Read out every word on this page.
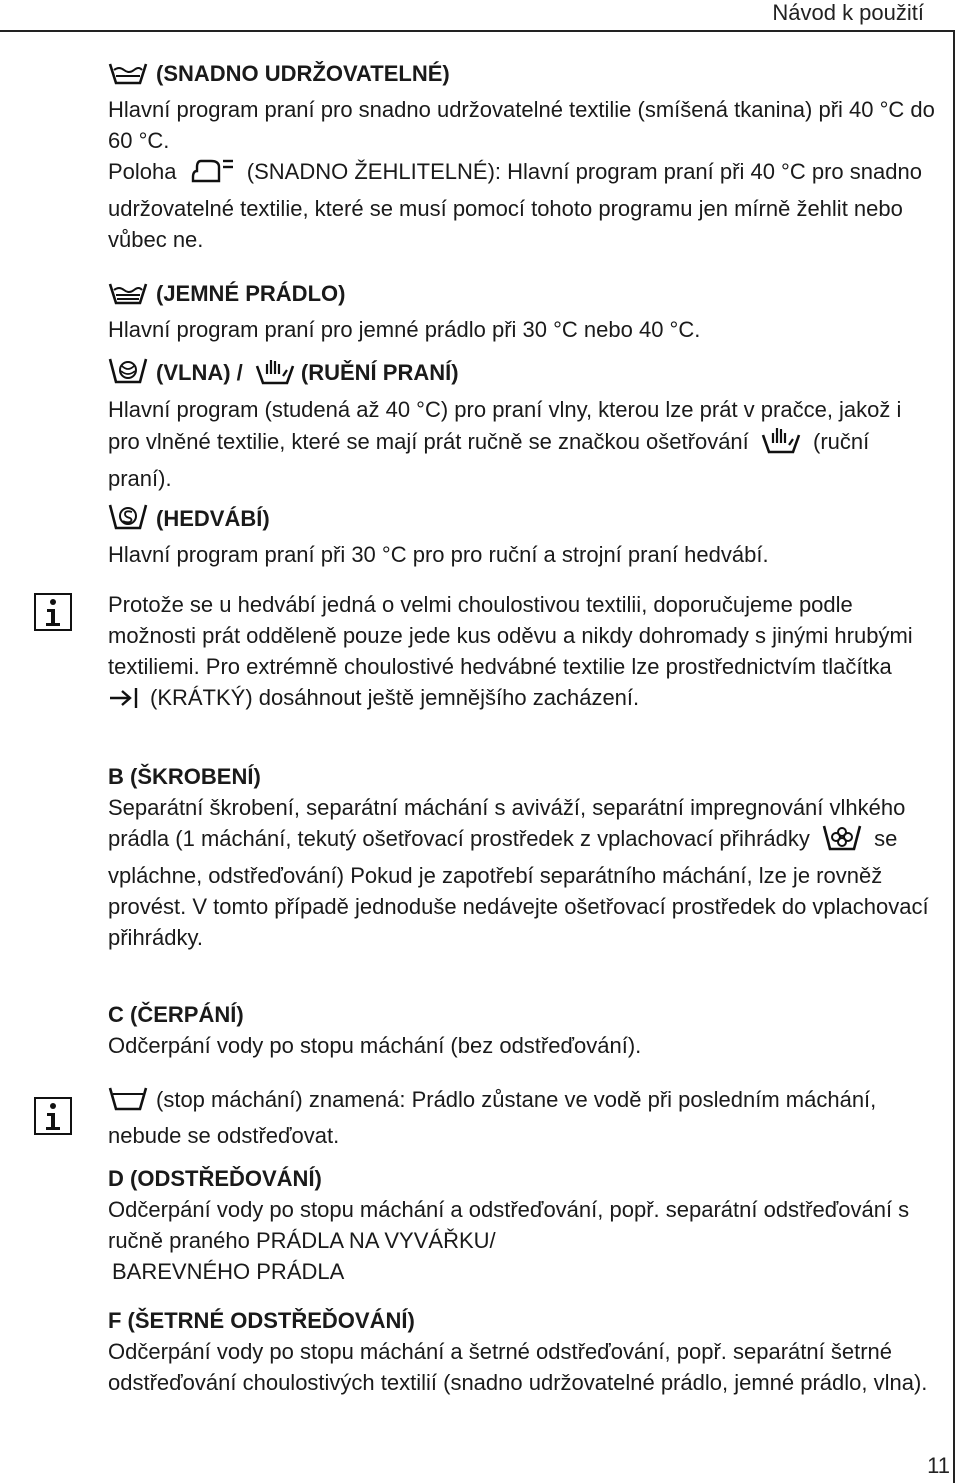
Návod k použití

(SNADNO UDRŽOVATELNÉ)

Hlavní program praní pro snadno udržovatelné textilie (smíšená tkanina) při 40 °C do 60 °C.

Poloha	(SNADNO ŽEHLITELNÉ): Hlavní program praní při 40 °C pro snadno udržovatelné textilie, které se musí pomocí tohoto programu jen mírně žehlit nebo vůbec ne.

(JEMNÉ PRÁDLO)

Hlavní program praní pro jemné prádlo při 30 °C nebo 40 °C.

(VLNA) /	(RUĚNÍ PRANÍ)

Hlavní program (studená až 40 °C) pro praní vlny, kterou lze prát v pračce, jakož i pro vlněné textilie, které se mají prát ručně se značkou ošetřování	(ruční praní).

(HEDVÁBÍ)

Hlavní program praní při 30 °C pro pro ruční a strojní praní hedvábí.

Protože se u hedvábí jedná o velmi choulostivou textilii, doporučujeme podle možnosti prát odděleně pouze jede kus oděvu a nikdy dohromady s jinými hrubými textiliemi. Pro extrémně choulostivé hedvábné textilie lze prostřednictvím tlačítka

(KRÁTKÝ) dosáhnout ještě jemnějšího zacházení.

B (ŠKROBENÍ)

Separátní škrobení, separátní máchání s aviváží, separátní impregnování vlhkého prádla (1 máchání, tekutý ošetřovací prostředek z vplachovací přihrádky	se vpláchne, odstřeďování) Pokud je zapotřebí separátního máchání, lze je rovněž provést. V tomto případě jednoduše nedávejte ošetřovací prostředek do vplachovací přihrádky.

C (ČERPÁNÍ)

Odčerpání vody po stopu máchání (bez odstřeďování).

(stop máchání) znamená: Prádlo zůstane ve vodě při posledním máchání, nebude se odstřeďovat.

D (ODSTŘEĎOVÁNÍ)

Odčerpání vody po stopu máchání a odstřeďování, popř. separátní odstřeďování s ručně praného PRÁDLA NA VYVÁŘKU/

BAREVNÉHO PRÁDLA

F (ŠETRNÉ ODSTŘEĎOVÁNÍ)

Odčerpání vody po stopu máchání a šetrné odstřeďování, popř. separátní šetrné odstřeďování choulostivých textilií (snadno udržovatelné prádlo, jemné prádlo, vlna).

11
